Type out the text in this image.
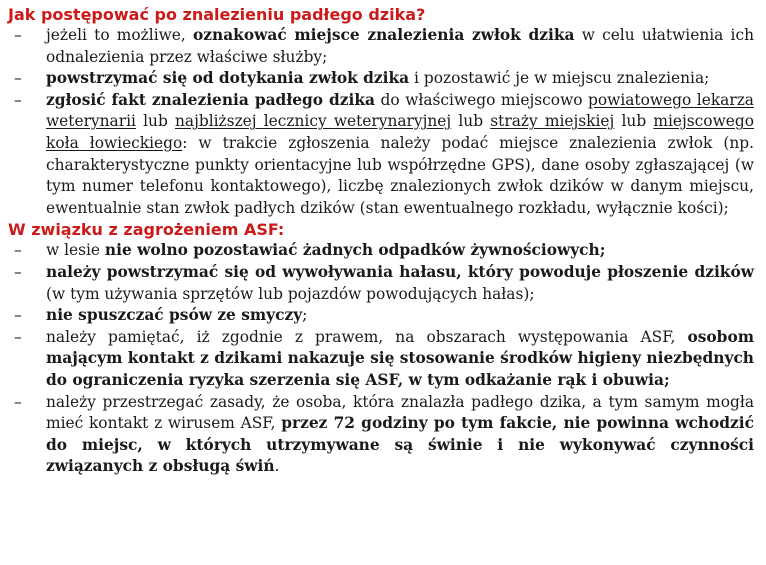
Jak postępować po znalezieniu padłego dzika?
– jeżeli to możliwe, oznakować miejsce znalezienia zwłok dzika w celu ułatwienia ich odnalezienia przez właściwe służby;
– powstrzymać się od dotykania zwłok dzika i pozostawić je w miejscu znalezienia;
– zgłosić fakt znalezienia padłego dzika do właściwego miejscowo powiatowego lekarza weterynarii lub najbliższej lecznicy weterynaryjnej lub straży miejskiej lub miejscowego koła łowieckiego: w trakcie zgłoszenia należy podać miejsce znalezienia zwłok (np. charakterystyczne punkty orientacyjne lub współrzędne GPS), dane osoby zgłaszającej (w tym numer telefonu kontaktowego), liczbę znalezionych zwłok dzików w danym miejscu, ewentualnie stan zwłok padłych dzików (stan ewentualnego rozkładu, wyłącznie kości);
W związku z zagrożeniem ASF:
– w lesie nie wolno pozostawiać żadnych odpadków żywnościowych;
– należy powstrzymać się od wywoływania hałasu, który powoduje płoszenie dzików (w tym używania sprzętów lub pojazdów powodujących hałas);
– nie spuszczać psów ze smyczy;
– należy pamiętać, iż zgodnie z prawem, na obszarach występowania ASF, osobom mającym kontakt z dzikami nakazuje się stosowanie środków higieny niezbędnych do ograniczenia ryzyka szerzenia się ASF, w tym odkażanie rąk i obuwia;
– należy przestrzegać zasady, że osoba, która znalazła padłego dzika, a tym samym mogła mieć kontakt z wirusem ASF, przez 72 godziny po tym fakcie, nie powinna wchodzić do miejsc, w których utrzymywane są świnie i nie wykonywać czynności związanych z obsługą świń.
